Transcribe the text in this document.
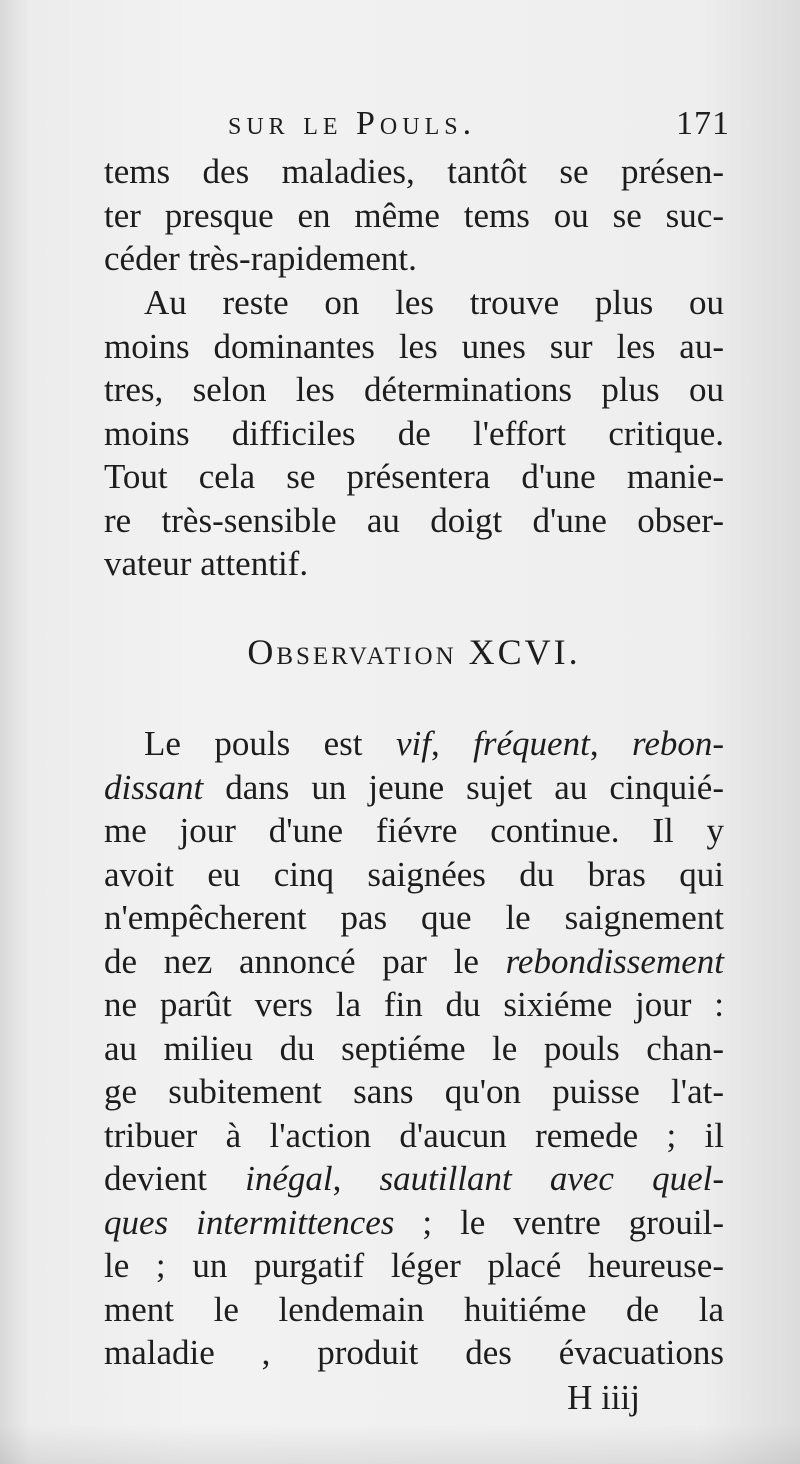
sur le Pouls.	171
tems des maladies, tantôt se présen-
ter presque en même tems ou se suc-
céder très-rapidement.
Au reste on les trouve plus ou
moins dominantes les unes sur les au-
tres, selon les déterminations plus ou
moins difficiles de l'effort critique.
Tout cela se présentera d'une manie-
re très-sensible au doigt d'une obser-
vateur attentif.
Observation XCVI.
Le pouls est vif, fréquent, rebon-
dissant dans un jeune sujet au cinquié-
me jour d'une fiévre continue. Il y
avoit eu cinq saignées du bras qui
n'empêcherent pas que le saignement
de nez annoncé par le rebondissement
ne parût vers la fin du sixiéme jour :
au milieu du septiéme le pouls chan-
ge subitement sans qu'on puisse l'at-
tribuer à l'action d'aucun remede ; il
devient inégal, sautillant avec quel-
ques intermittences ; le ventre grouil-
le ; un purgatif léger placé heureuse-
ment le lendemain huitiéme de la
maladie , produit des évacuations
H iiij
